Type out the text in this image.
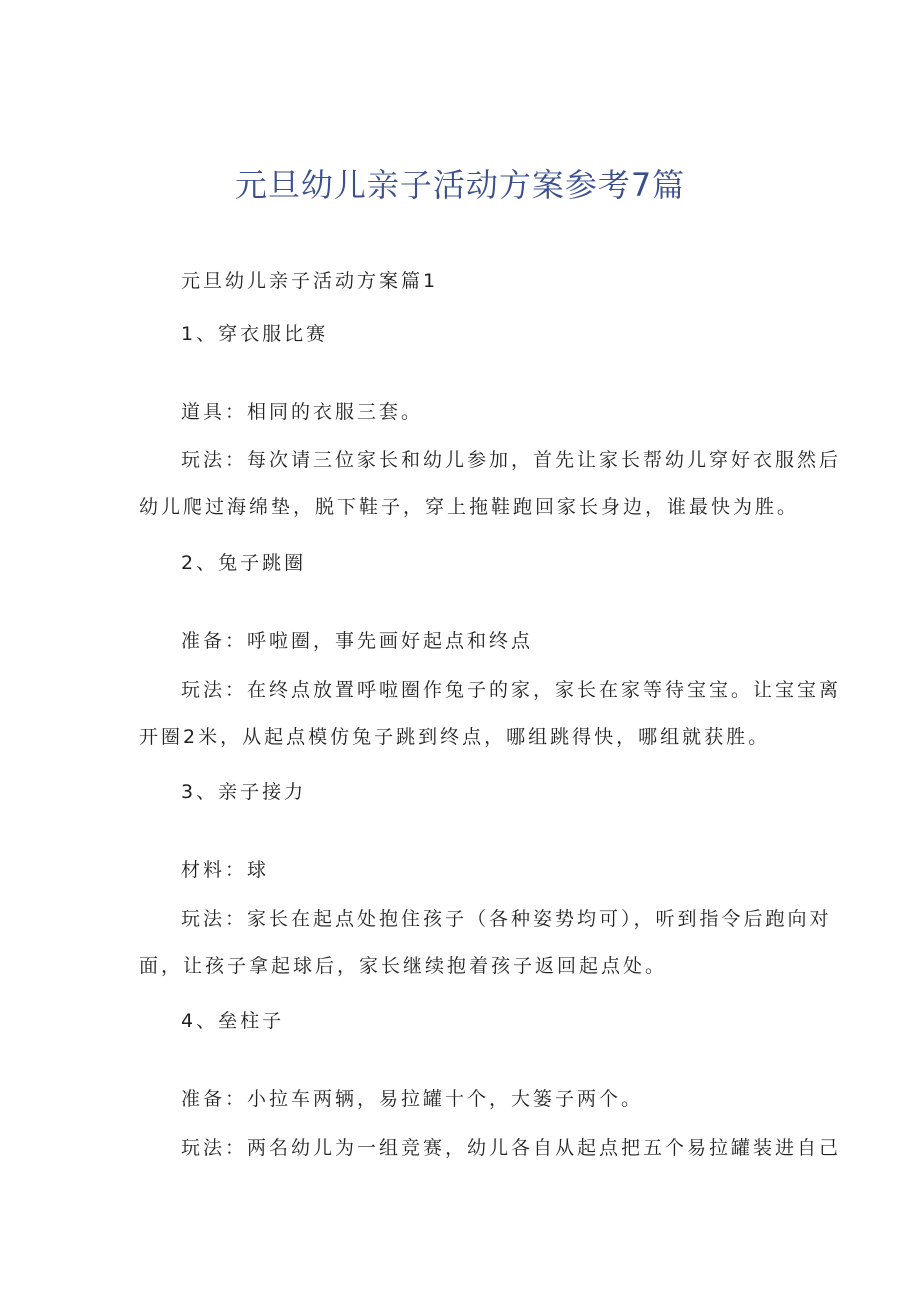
元旦幼儿亲子活动方案参考7篇
元旦幼儿亲子活动方案篇1
1、穿衣服比赛
道具：相同的衣服三套。
玩法：每次请三位家长和幼儿参加，首先让家长帮幼儿穿好衣服然后
幼儿爬过海绵垫，脱下鞋子，穿上拖鞋跑回家长身边，谁最快为胜。
2、兔子跳圈
准备：呼啦圈，事先画好起点和终点
玩法：在终点放置呼啦圈作兔子的家，家长在家等待宝宝。让宝宝离
开圈2米，从起点模仿兔子跳到终点，哪组跳得快，哪组就获胜。
3、亲子接力
材料：球
玩法：家长在起点处抱住孩子（各种姿势均可），听到指令后跑向对
面，让孩子拿起球后，家长继续抱着孩子返回起点处。
4、垒柱子
准备：小拉车两辆，易拉罐十个，大篓子两个。
玩法：两名幼儿为一组竞赛，幼儿各自从起点把五个易拉罐装进自己
